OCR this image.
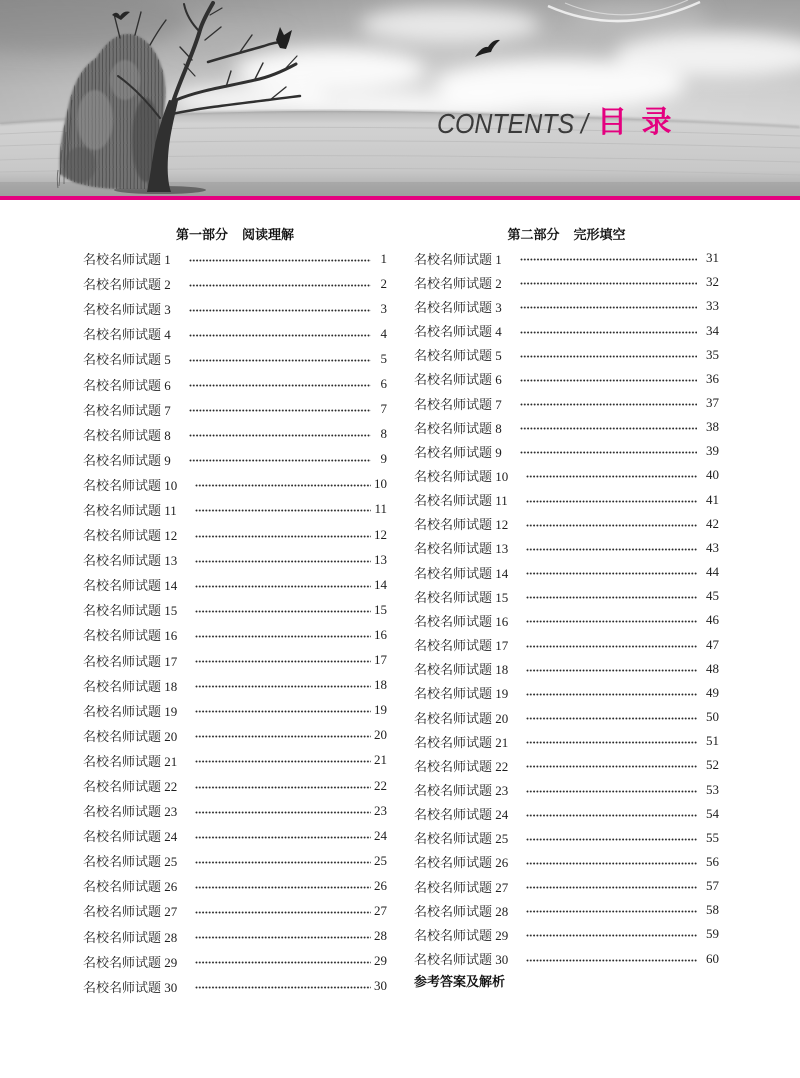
CONTENTS / 目 录
第一部分 阅读理解
名校名师试题 1	1
名校名师试题 2	2
名校名师试题 3	3
名校名师试题 4	4
名校名师试题 5	5
名校名师试题 6	6
名校名师试题 7	7
名校名师试题 8	8
名校名师试题 9	9
名校名师试题 10	10
名校名师试题 11	11
名校名师试题 12	12
名校名师试题 13	13
名校名师试题 14	14
名校名师试题 15	15
名校名师试题 16	16
名校名师试题 17	17
名校名师试题 18	18
名校名师试题 19	19
名校名师试题 20	20
名校名师试题 21	21
名校名师试题 22	22
名校名师试题 23	23
名校名师试题 24	24
名校名师试题 25	25
名校名师试题 26	26
名校名师试题 27	27
名校名师试题 28	28
名校名师试题 29	29
名校名师试题 30	30
第二部分 完形填空
名校名师试题 1	31
名校名师试题 2	32
名校名师试题 3	33
名校名师试题 4	34
名校名师试题 5	35
名校名师试题 6	36
名校名师试题 7	37
名校名师试题 8	38
名校名师试题 9	39
名校名师试题 10	40
名校名师试题 11	41
名校名师试题 12	42
名校名师试题 13	43
名校名师试题 14	44
名校名师试题 15	45
名校名师试题 16	46
名校名师试题 17	47
名校名师试题 18	48
名校名师试题 19	49
名校名师试题 20	50
名校名师试题 21	51
名校名师试题 22	52
名校名师试题 23	53
名校名师试题 24	54
名校名师试题 25	55
名校名师试题 26	56
名校名师试题 27	57
名校名师试题 28	58
名校名师试题 29	59
名校名师试题 30	60
参考答案及解析
